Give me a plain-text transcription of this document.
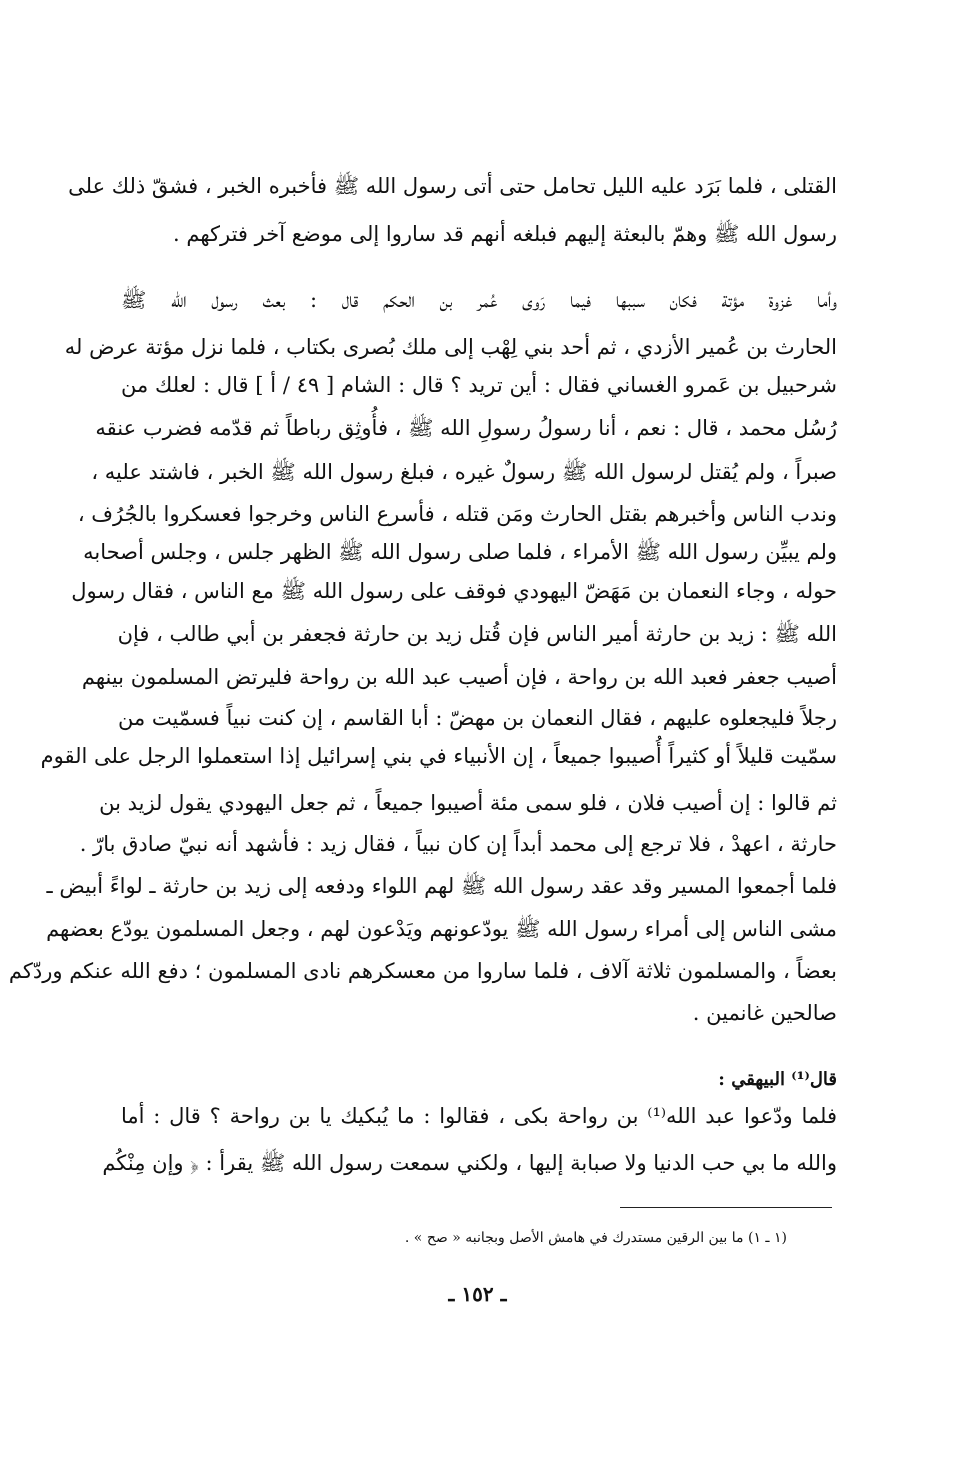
القتلى ، فلما بَرَد عليه الليل تحامل حتى أتى رسول الله ﷺ فأخبره الخبر ، فشقّ ذلك على
رسول الله ﷺ وهمّ بالبعثة إليهم فبلغه أنهم قد ساروا إلى موضع آخر فتركهم .
وأما غزوة مؤتة فكان سببها فيما رَوى عُمر بن الحكم قال : بعث رسول الله ﷺ
الحارث بن عُمير الأزدي ، ثم أحد بني لِهْب إلى ملك بُصرى بكتاب ، فلما نزل مؤتة عرض له
شرحبيل بن عَمرو الغساني فقال : أين تريد ؟ قال : الشام [ ٤٩ / أ ] قال : لعلك من
رُسُل محمد ، قال : نعم ، أنا رسولُ رسولِ الله ﷺ ، فأُوثِق رباطاً ثم قدّمه فضرب عنقه
صبراً ، ولم يُقتل لرسول الله ﷺ رسولٌ غيره ، فبلغ رسول الله ﷺ الخبر ، فاشتد عليه ،
وندب الناس وأخبرهم بقتل الحارث ومَن قتله ، فأسرع الناس وخرجوا فعسكروا بالجُرُف ،
ولم يبيِّن رسول الله ﷺ الأمراء ، فلما صلى رسول الله ﷺ الظهر جلس ، وجلس أصحابه
حوله ، وجاء النعمان بن مَهَضّ اليهودي فوقف على رسول الله ﷺ مع الناس ، فقال رسول
الله ﷺ : زيد بن حارثة أمير الناس فإن قُتل زيد بن حارثة فجعفر بن أبي طالب ، فإن
أصيب جعفر فعبد الله بن رواحة ، فإن أصيب عبد الله بن رواحة فليرتض المسلمون بينهم
رجلاً فليجعلوه عليهم ، فقال النعمان بن مهضّ : أبا القاسم ، إن كنت نبياً فسمّيت من
سمّيت قليلاً أو كثيراً أُصيبوا جميعاً ، إن الأنبياء في بني إسرائيل إذا استعملوا الرجل على القوم
ثم قالوا : إن أصيب فلان ، فلو سمى مئة أصيبوا جميعاً ، ثم جعل اليهودي يقول لزيد بن
حارثة ، اعهدْ ، فلا ترجع إلى محمد أبداً إن كان نبياً ، فقال زيد : فأشهد أنه نبيّ صادق بارّ .
فلما أجمعوا المسير وقد عقد رسول الله ﷺ لهم اللواء ودفعه إلى زيد بن حارثة ـ لواءً أبيض ـ
مشى الناس إلى أمراء رسول الله ﷺ يودّعونهم ويَدْعون لهم ، وجعل المسلمون يودّع بعضهم
بعضاً ، والمسلمون ثلاثة آلاف ، فلما ساروا من معسكرهم نادى المسلمون ؛ دفع الله عنكم وردّكم
صالحين غانمين .
قال⁽¹⁾ البيهقي :
فلما ودّعوا عبد الله⁽¹⁾ بن رواحة بكى ، فقالوا : ما يُبكيك يا بن رواحة ؟ قال : أما
والله ما بي حب الدنيا ولا صبابة إليها ، ولكني سمعت رسول الله ﷺ يقرأ : ﴿ وإن مِنْكُم
(١ ـ ١) ما بين الرقين مستدرك في هامش الأصل وبجانبه « صح » .
ـ ١٥٢ ـ
